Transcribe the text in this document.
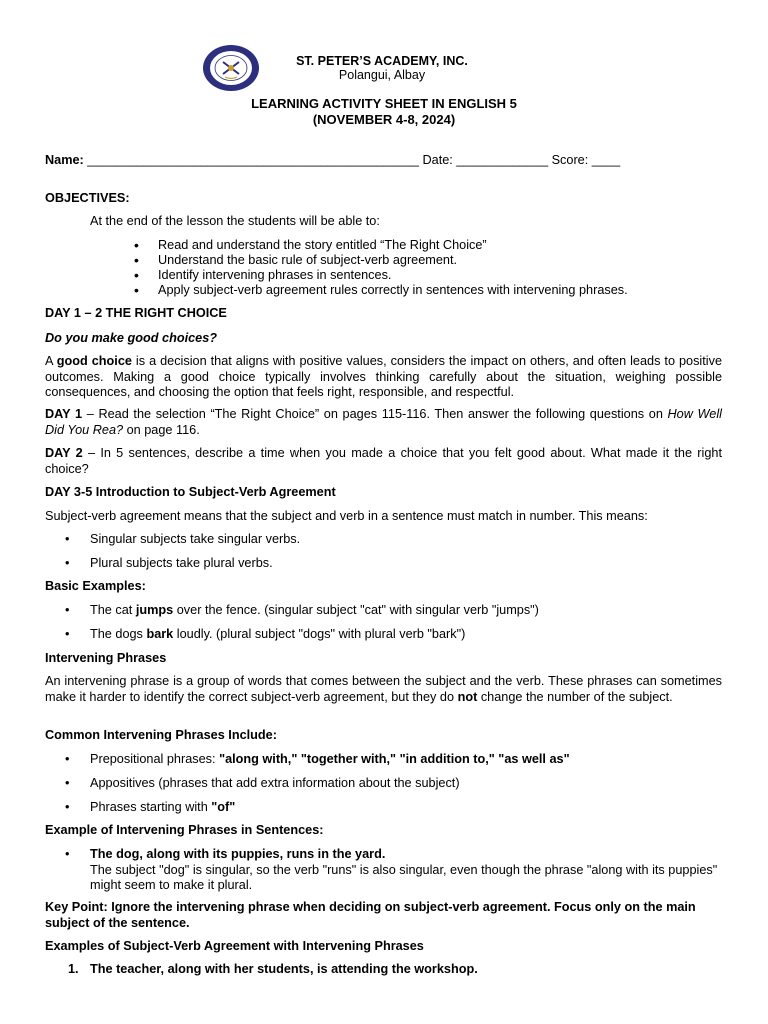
ST. PETER’S ACADEMY, INC.
Polangui, Albay
LEARNING ACTIVITY SHEET IN ENGLISH 5
(NOVEMBER 4-8, 2024)
Name: _______________________________________________ Date: _____________ Score: ____
OBJECTIVES:
At the end of the lesson the students will be able to:
• Read and understand the story entitled “The Right Choice”
• Understand the basic rule of subject-verb agreement.
• Identify intervening phrases in sentences.
• Apply subject-verb agreement rules correctly in sentences with intervening phrases.
DAY 1 – 2 THE RIGHT CHOICE
Do you make good choices?
A good choice is a decision that aligns with positive values, considers the impact on others, and often leads to positive outcomes. Making a good choice typically involves thinking carefully about the situation, weighing possible consequences, and choosing the option that feels right, responsible, and respectful.
DAY 1 – Read the selection “The Right Choice” on pages 115-116. Then answer the following questions on How Well Did You Rea? on page 116.
DAY 2 – In 5 sentences, describe a time when you made a choice that you felt good about. What made it the right choice?
DAY 3-5 Introduction to Subject-Verb Agreement
Subject-verb agreement means that the subject and verb in a sentence must match in number. This means:
• Singular subjects take singular verbs.
• Plural subjects take plural verbs.
Basic Examples:
• The cat jumps over the fence. (singular subject "cat" with singular verb "jumps")
• The dogs bark loudly. (plural subject "dogs" with plural verb "bark")
Intervening Phrases
An intervening phrase is a group of words that comes between the subject and the verb. These phrases can sometimes make it harder to identify the correct subject-verb agreement, but they do not change the number of the subject.
Common Intervening Phrases Include:
• Prepositional phrases: "along with," "together with," "in addition to," "as well as"
• Appositives (phrases that add extra information about the subject)
• Phrases starting with "of"
Example of Intervening Phrases in Sentences:
• The dog, along with its puppies, runs in the yard.
The subject "dog" is singular, so the verb "runs" is also singular, even though the phrase "along with its puppies" might seem to make it plural.
Key Point: Ignore the intervening phrase when deciding on subject-verb agreement. Focus only on the main subject of the sentence.
Examples of Subject-Verb Agreement with Intervening Phrases
1. The teacher, along with her students, is attending the workshop.
